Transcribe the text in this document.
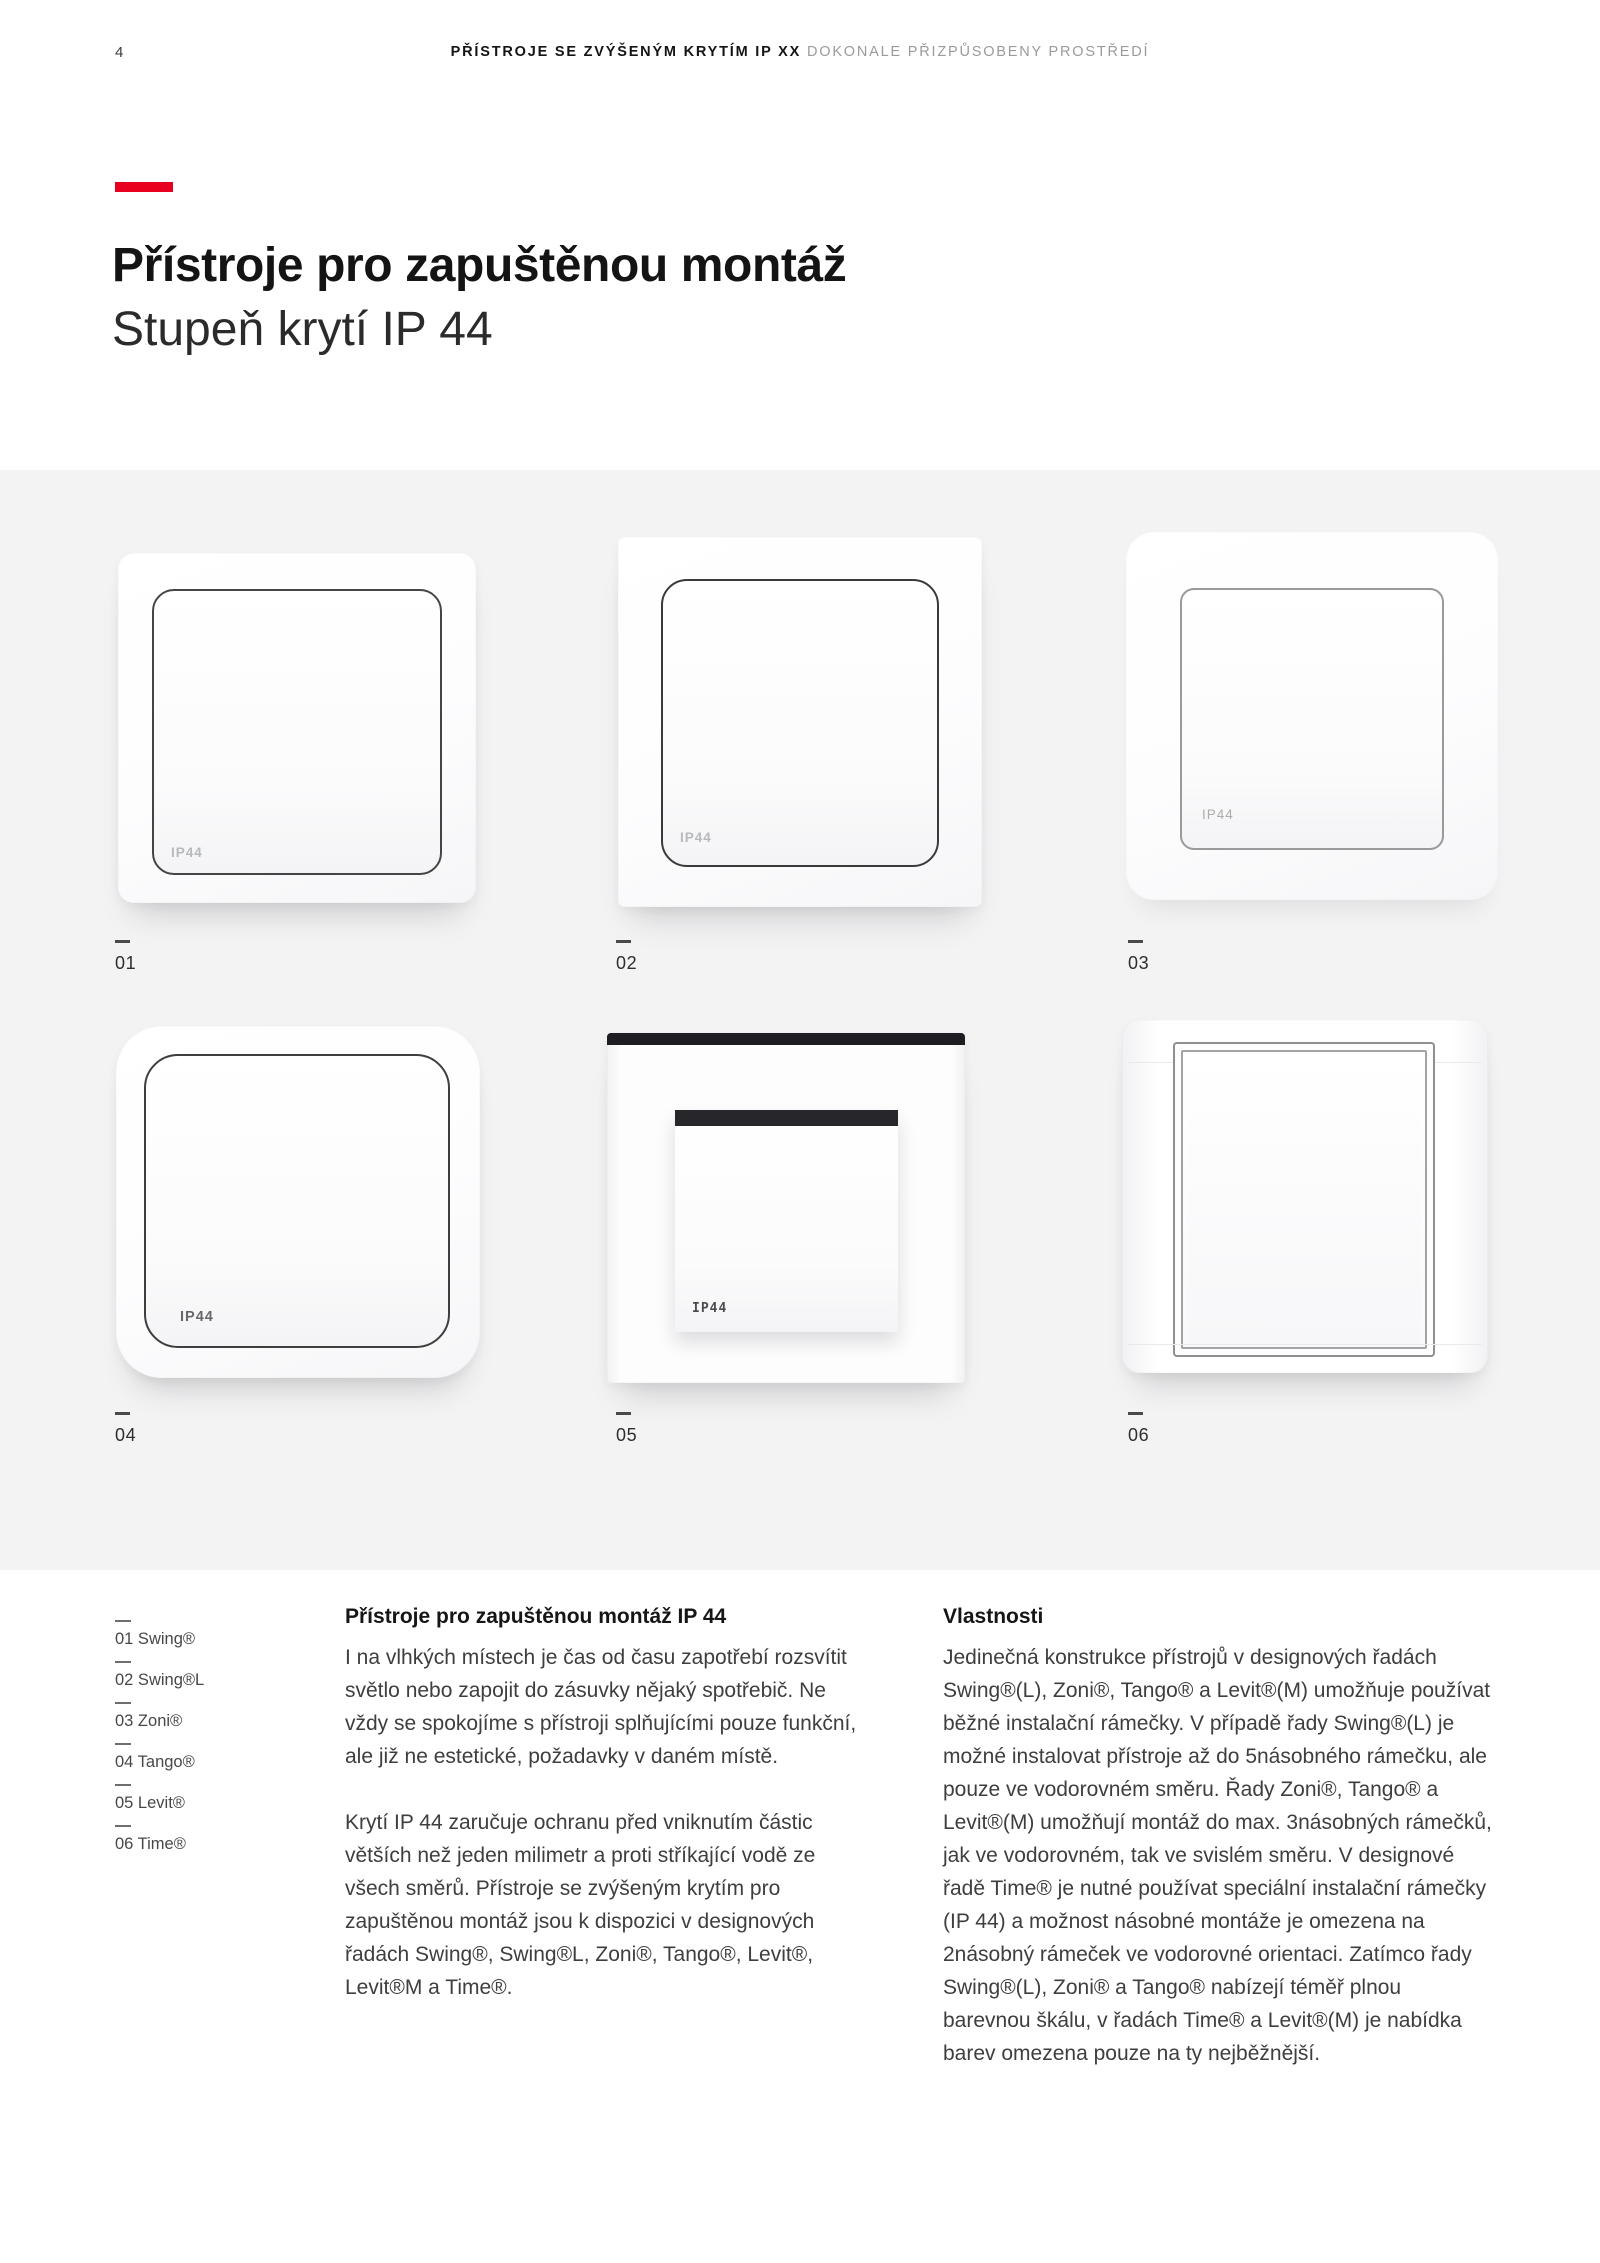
4	PŘÍSTROJE SE ZVÝŠENÝM KRYTÍM IP XX DOKONALE PŘIZPŮSOBENY PROSTŘEDÍ
Přístroje pro zapuštěnou montáž
Stupeň krytí IP 44
IP44
IP44
IP44
IP44
IP44
01	02	03
04	05	06
01 Swing®
02 Swing®L
03 Zoni®
04 Tango®
05 Levit®
06 Time®
Přístroje pro zapuštěnou montáž IP 44

I na vlhkých místech je čas od času zapotřebí rozsvítit světlo nebo zapojit do zásuvky nějaký spotřebič. Ne vždy se spokojíme s přístroji splňujícími pouze funkční, ale již ne estetické, požadavky v daném místě.

Krytí IP 44 zaručuje ochranu před vniknutím částic větších než jeden milimetr a proti stříkající vodě ze všech směrů. Přístroje se zvýšeným krytím pro zapuštěnou montáž jsou k dispozici v designových řadách Swing®, Swing®L, Zoni®, Tango®, Levit®, Levit®M a Time®.

Vlastnosti

Jedinečná konstrukce přístrojů v designových řadách Swing®(L), Zoni®, Tango® a Levit®(M) umožňuje používat běžné instalační rámečky. V případě řady Swing®(L) je možné instalovat přístroje až do 5násobného rámečku, ale pouze ve vodorovném směru. Řady Zoni®, Tango® a Levit®(M) umožňují montáž do max. 3násobných rámečků, jak ve vodorovném, tak ve svislém směru. V designové řadě Time® je nutné používat speciální instalační rámečky (IP 44) a možnost násobné montáže je omezena na 2násobný rámeček ve vodorovné orientaci. Zatímco řady Swing®(L), Zoni® a Tango® nabízejí téměř plnou barevnou škálu, v řadách Time® a Levit®(M) je nabídka barev omezena pouze na ty nejběžnější.
